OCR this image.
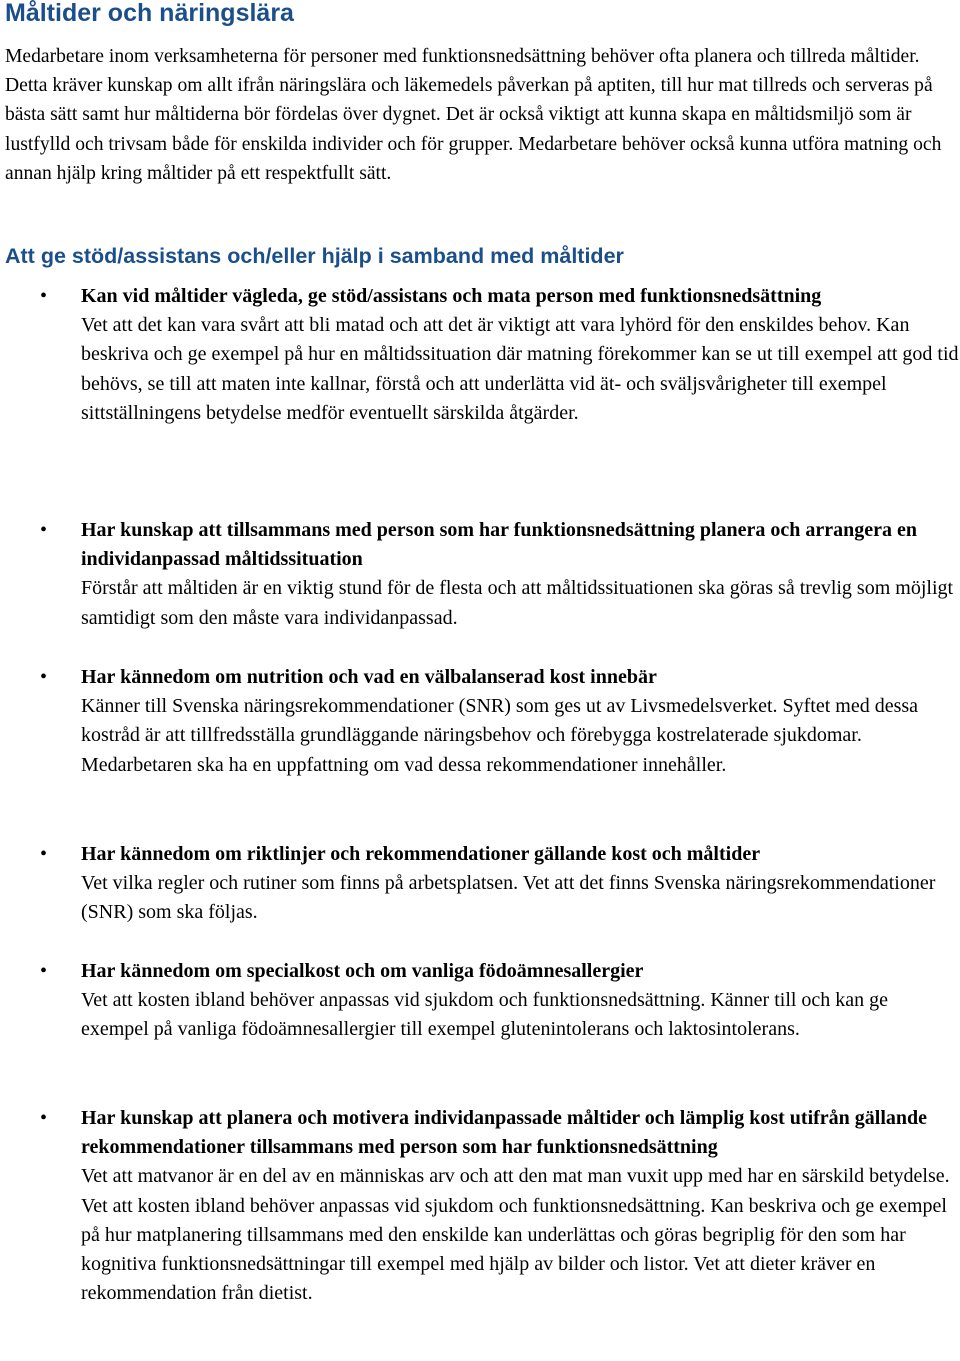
Måltider och näringslära

Medarbetare inom verksamheterna för personer med funktionsnedsättning behöver ofta planera och tillreda måltider. Detta kräver kunskap om allt ifrån näringslära och läkemedels påverkan på aptiten, till hur mat tillreds och serveras på bästa sätt samt hur måltiderna bör fördelas över dygnet. Det är också viktigt att kunna skapa en måltidsmiljö som är lustfylld och trivsam både för enskilda individer och för grupper. Medarbetare behöver också kunna utföra matning och annan hjälp kring måltider på ett respektfullt sätt.

Att ge stöd/assistans och/eller hjälp i samband med måltider
• Kan vid måltider vägleda, ge stöd/assistans och mata person med funktionsnedsättning
Vet att det kan vara svårt att bli matad och att det är viktigt att vara lyhörd för den enskildes behov. Kan beskriva och ge exempel på hur en måltidssituation där matning förekommer kan se ut till exempel att god tid behövs, se till att maten inte kallnar, förstå och att underlätta vid ät- och sväljsvårigheter till exempel sittställningens betydelse medför eventuellt särskilda åtgärder.
• Har kunskap att tillsammans med person som har funktionsnedsättning planera och arrangera en individanpassad måltidssituation
Förstår att måltiden är en viktig stund för de flesta och att måltidssituationen ska göras så trevlig som möjligt samtidigt som den måste vara individanpassad.
• Har kännedom om nutrition och vad en välbalanserad kost innebär
Känner till Svenska näringsrekommendationer (SNR) som ges ut av Livsmedelsverket. Syftet med dessa kostråd är att tillfredsställa grundläggande näringsbehov och förebygga kostrelaterade sjukdomar. Medarbetaren ska ha en uppfattning om vad dessa rekommendationer innehåller.
• Har kännedom om riktlinjer och rekommendationer gällande kost och måltider
Vet vilka regler och rutiner som finns på arbetsplatsen. Vet att det finns Svenska näringsrekommendationer (SNR) som ska följas.
• Har kännedom om specialkost och om vanliga födoämnesallergier
Vet att kosten ibland behöver anpassas vid sjukdom och funktionsnedsättning. Känner till och kan ge exempel på vanliga födoämnesallergier till exempel glutenintolerans och laktosintolerans.
• Har kunskap att planera och motivera individanpassade måltider och lämplig kost utifrån gällande rekommendationer tillsammans med person som har funktionsnedsättning
Vet att matvanor är en del av en människas arv och att den mat man vuxit upp med har en särskild betydelse. Vet att kosten ibland behöver anpassas vid sjukdom och funktionsnedsättning. Kan beskriva och ge exempel på hur matplanering tillsammans med den enskilde kan underlättas och göras begriplig för den som har kognitiva funktionsnedsättningar till exempel med hjälp av bilder och listor. Vet att dieter kräver en rekommendation från dietist.
